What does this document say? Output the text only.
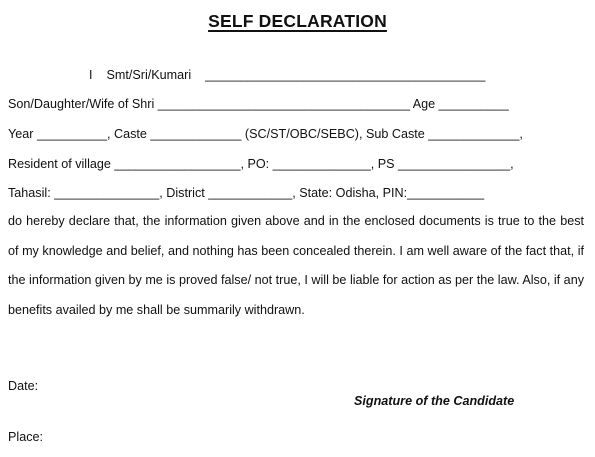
SELF DECLARATION
I    Smt/Sri/Kumari    ________________________________________
Son/Daughter/Wife of Shri ____________________________________ Age __________
Year __________, Caste _____________ (SC/ST/OBC/SEBC), Sub Caste _____________,
Resident of village __________________, PO: ______________, PS ________________,
Tahasil: _______________, District ____________, State: Odisha, PIN:___________
do hereby declare that, the information given above and in the enclosed documents is true to the best of my knowledge and belief, and nothing has been concealed therein. I am well aware of the fact that, if the information given by me is proved false/ not true, I will be liable for action as per the law. Also, if any benefits availed by me shall be summarily withdrawn.
Date:
Signature of the Candidate
Place:
